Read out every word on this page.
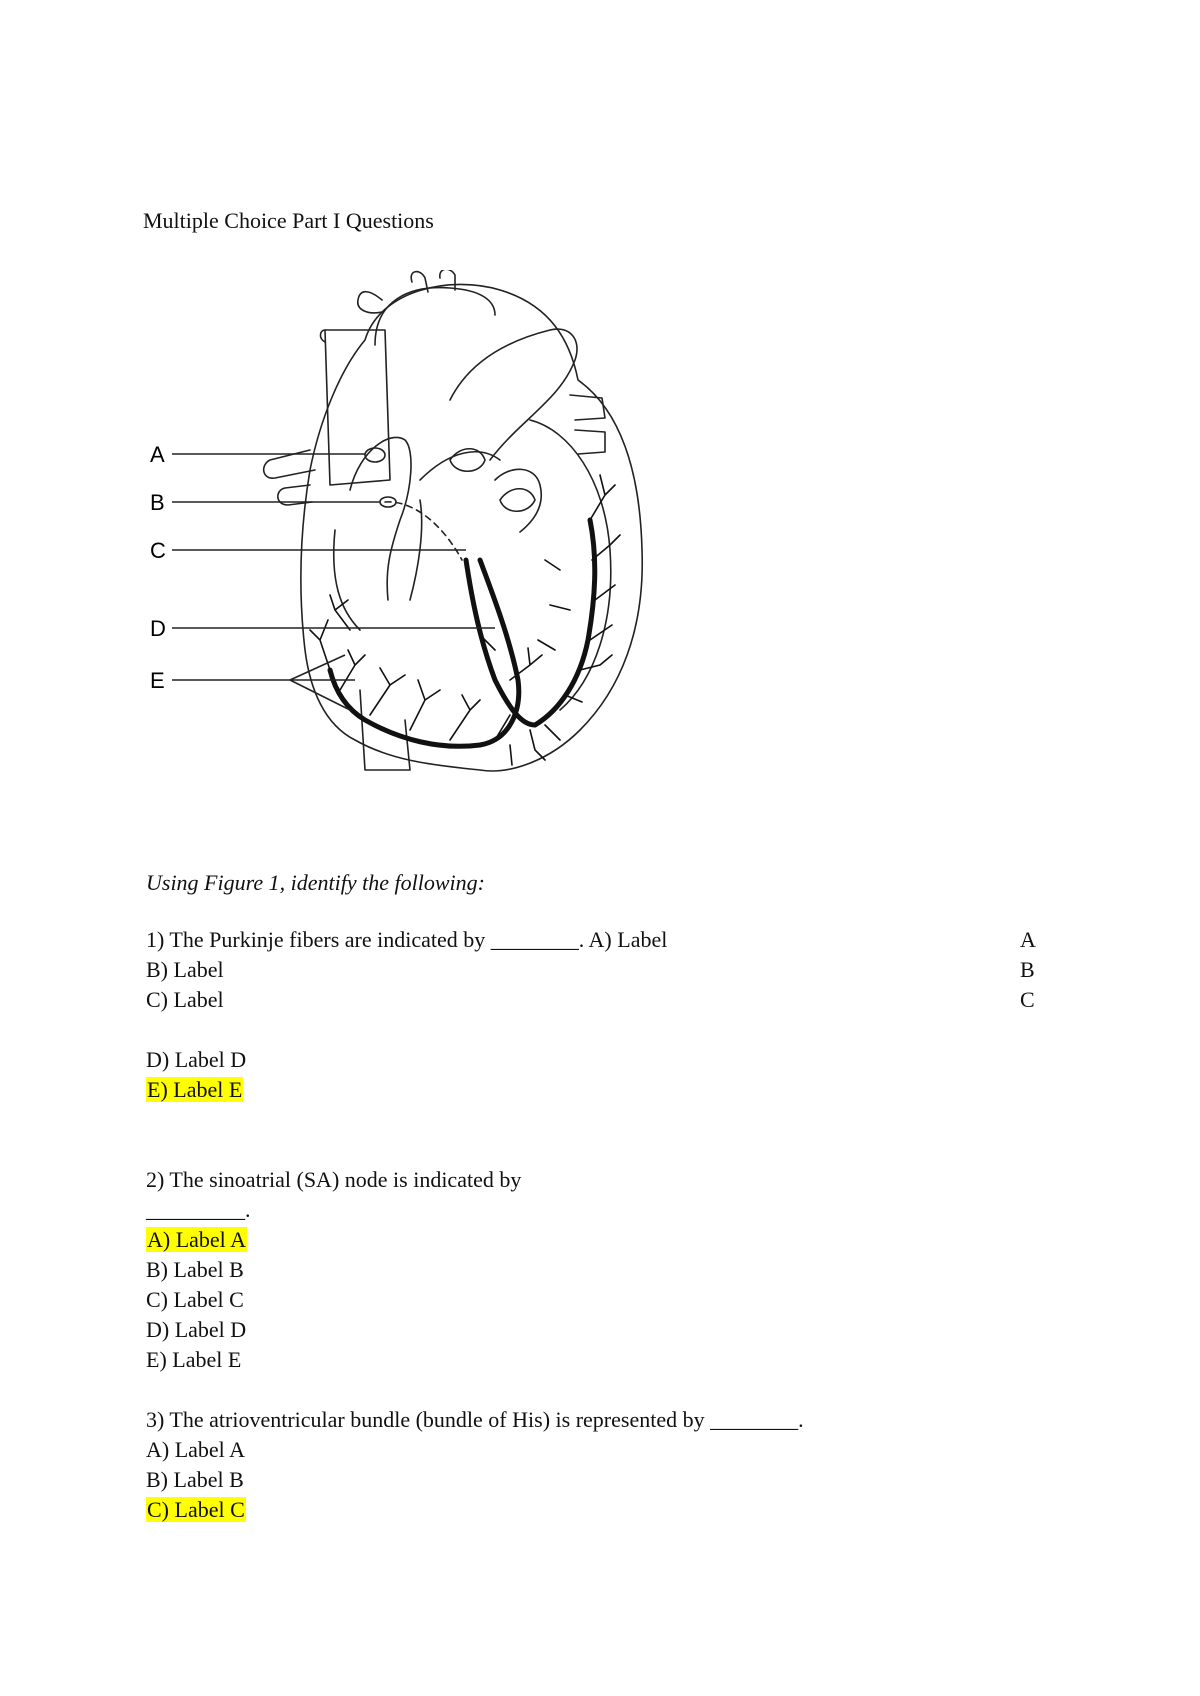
Multiple Choice Part I Questions
A
B
C
D
E
Using Figure 1, identify the following:
1) The Purkinje fibers are indicated by ________. A) Label	A
B
C
B) Label
C) Label
D) Label D
E) Label E
2) The sinoatrial (SA) node is indicated by
_________.
A) Label A
B) Label B
C) Label C
D) Label D
E) Label E
3) The atrioventricular bundle (bundle of His) is represented by ________.
A) Label A
B) Label B
C) Label C
